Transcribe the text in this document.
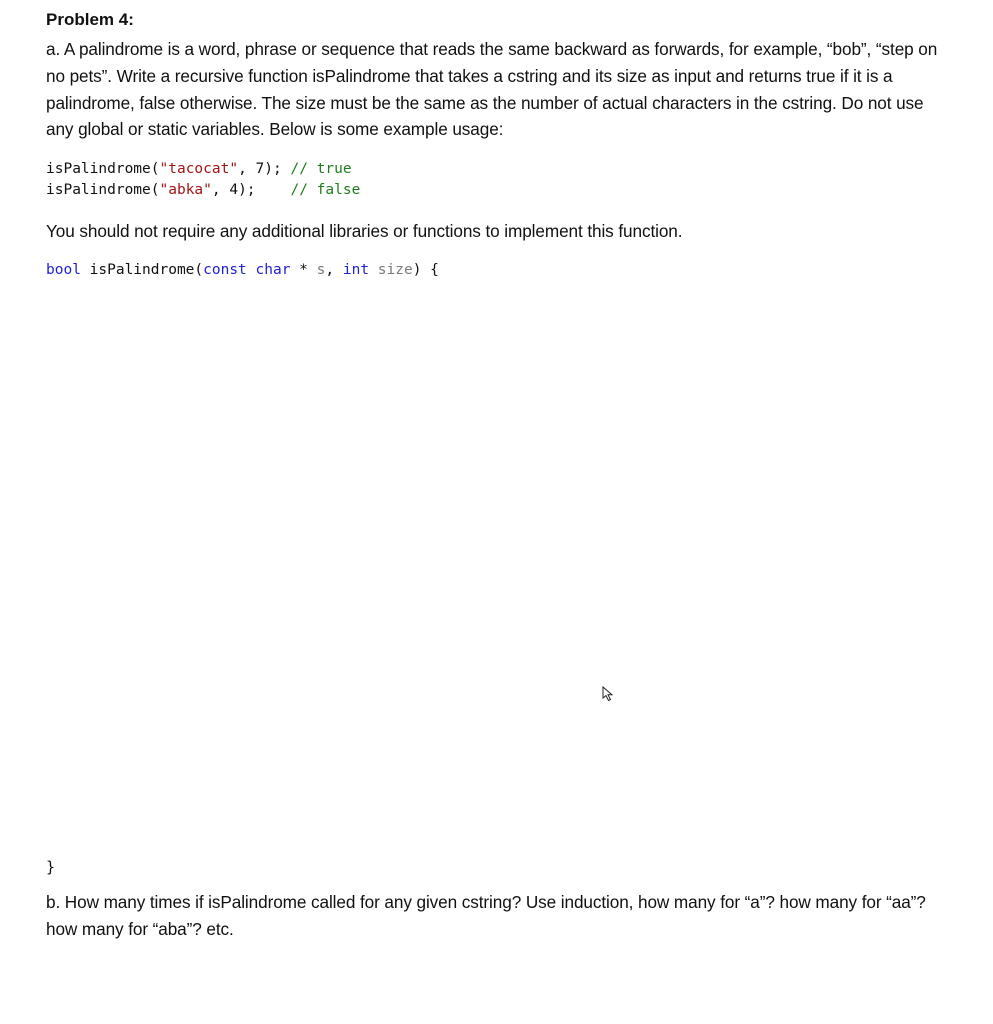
Problem 4:

a. A palindrome is a word, phrase or sequence that reads the same backward as forwards, for example, “bob”, “step on no pets”. Write a recursive function isPalindrome that takes a cstring and its size as input and returns true if it is a palindrome, false otherwise. The size must be the same as the number of actual characters in the cstring. Do not use any global or static variables. Below is some example usage:

isPalindrome("tacocat", 7); // true

isPalindrome("abka", 4);    // false

You should not require any additional libraries or functions to implement this function.

bool isPalindrome(const char * s, int size) {

}

b. How many times if isPalindrome called for any given cstring? Use induction, how many for “a”? how many for “aa”? how many for “aba”? etc.
